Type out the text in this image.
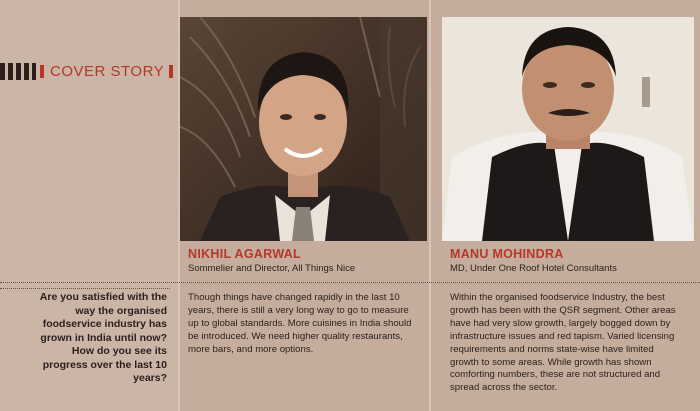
COVER STORY
Are you satisfied with the way the organised foodservice industry has grown in India until now? How do you see its progress over the last 10 years?
NIKHIL AGARWAL
Sommelier and Director, All Things Nice
Though things have changed rapidly in the last 10 years, there is still a very long way to go to measure up to global standards. More cuisines in India should be introduced. We need higher quality restaurants, more bars, and more options.
MANU MOHINDRA
MD, Under One Roof Hotel Consultants
Within the organised foodservice Industry, the best growth has been with the QSR segment. Other areas have had very slow growth, largely bogged down by infrastructure issues and red tapism. Varied licensing requirements and norms state-wise have limited growth to some areas. While growth has shown comforting numbers, these are not structured and spread across the sector.
